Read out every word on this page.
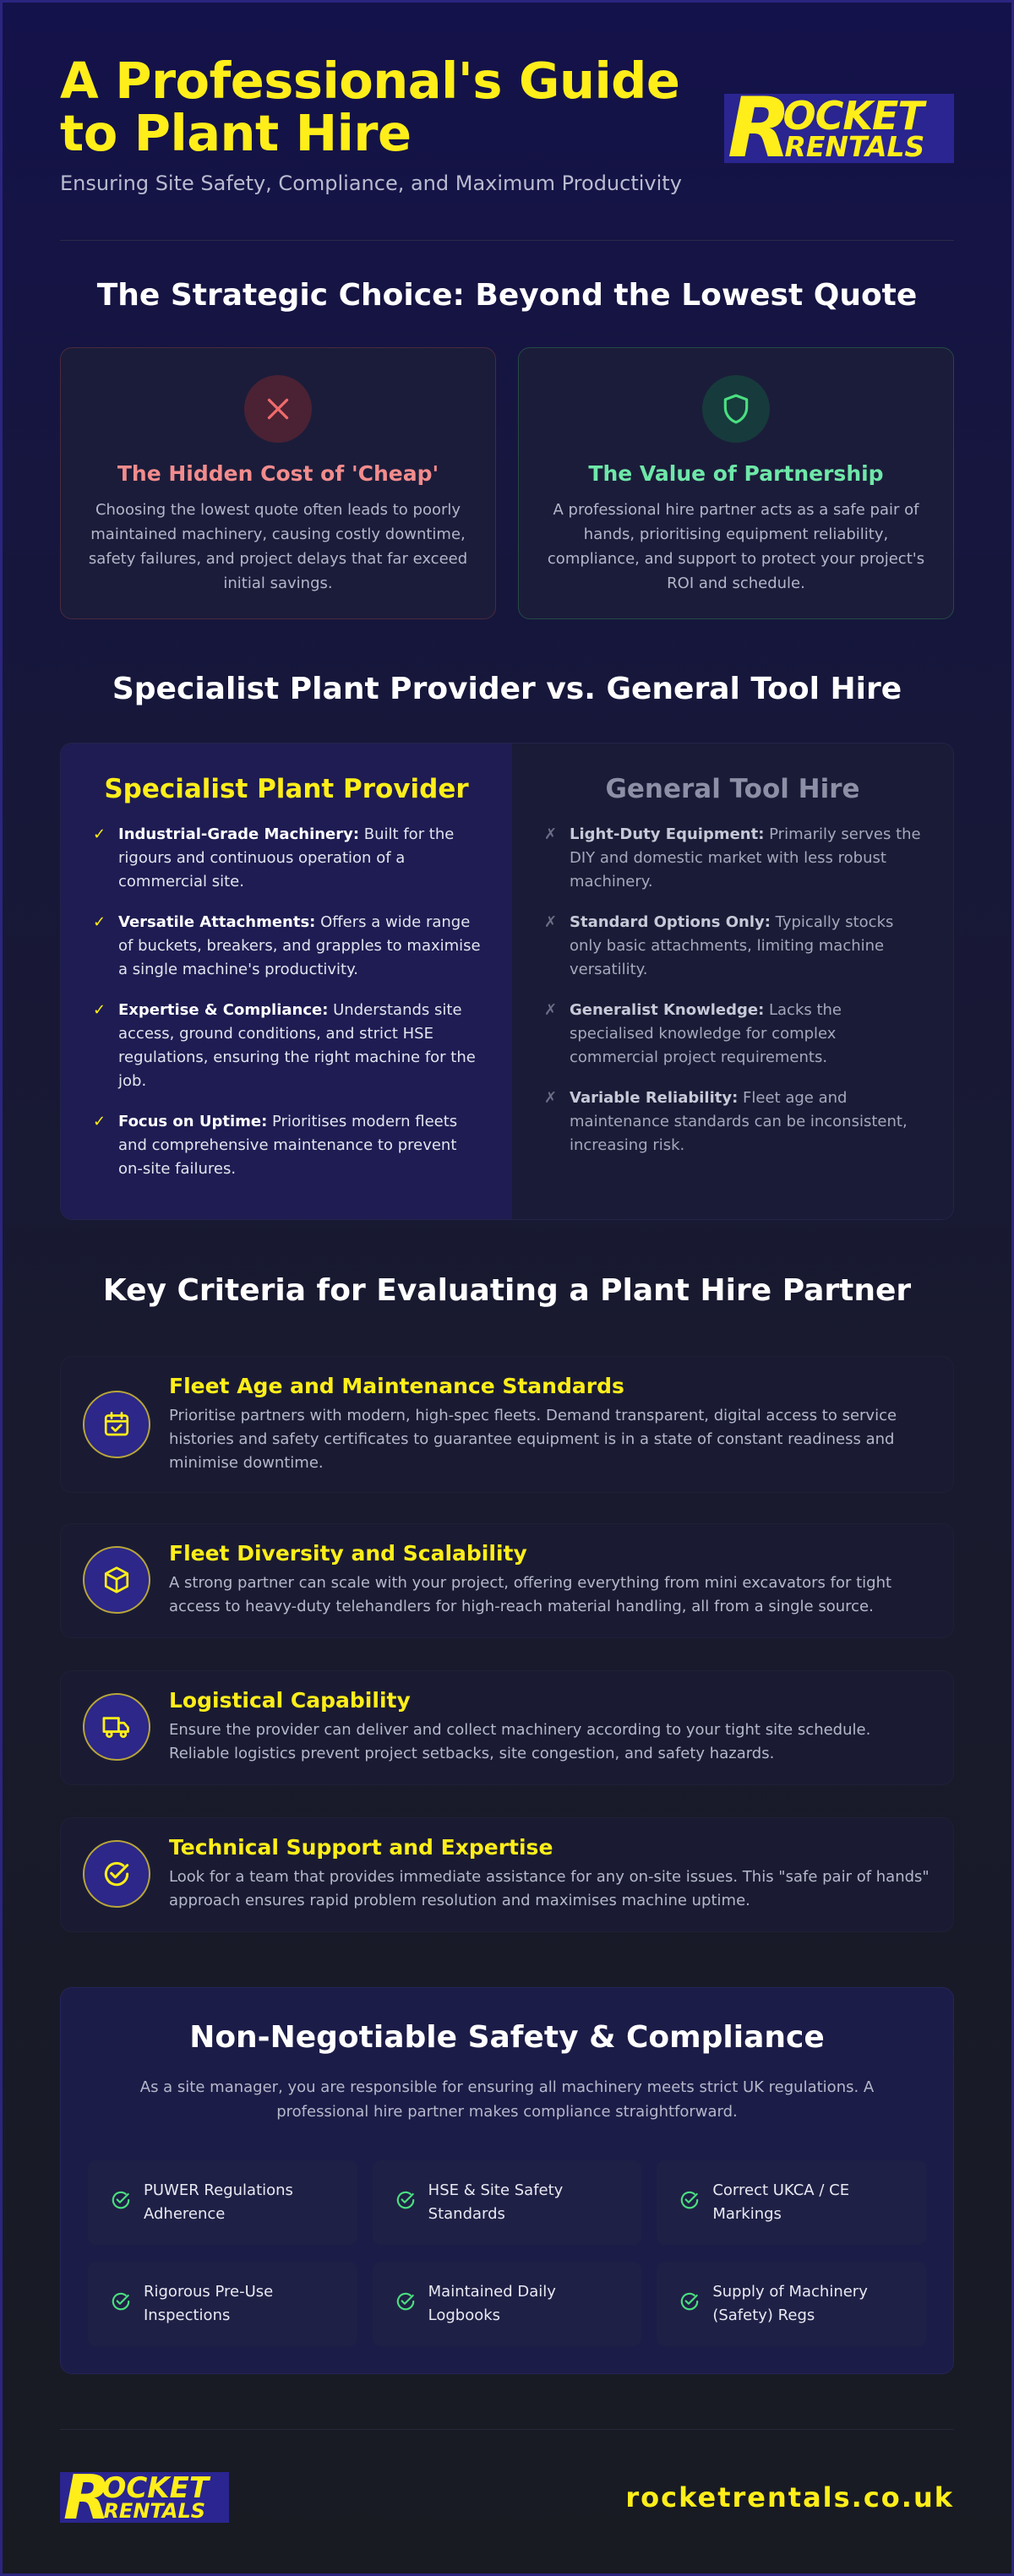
A Professional's Guide
to Plant Hire
Ensuring Site Safety, Compliance, and Maximum Productivity
R
OCKET
RENTALS
The Strategic Choice: Beyond the Lowest Quote
The Hidden Cost of 'Cheap'

Choosing the lowest quote often leads to poorly maintained machinery, causing costly downtime, safety failures, and project delays that far exceed initial savings.

The Value of Partnership

A professional hire partner acts as a safe pair of hands, prioritising equipment reliability, compliance, and support to protect your project's ROI and schedule.

Specialist Plant Provider vs. General Tool Hire
Specialist Plant Provider
✓ Industrial-Grade Machinery: Built for the rigours and continuous operation of a commercial site.
✓ Versatile Attachments: Offers a wide range of buckets, breakers, and grapples to maximise a single machine's productivity.
✓ Expertise & Compliance: Understands site access, ground conditions, and strict HSE regulations, ensuring the right machine for the job.
✓ Focus on Uptime: Prioritises modern fleets and comprehensive maintenance to prevent on-site failures.
General Tool Hire
✗ Light-Duty Equipment: Primarily serves the DIY and domestic market with less robust machinery.
✗ Standard Options Only: Typically stocks only basic attachments, limiting machine versatility.
✗ Generalist Knowledge: Lacks the specialised knowledge for complex commercial project requirements.
✗ Variable Reliability: Fleet age and maintenance standards can be inconsistent, increasing risk.
Key Criteria for Evaluating a Plant Hire Partner
Fleet Age and Maintenance Standards

Prioritise partners with modern, high-spec fleets. Demand transparent, digital access to service histories and safety certificates to guarantee equipment is in a state of constant readiness and minimise downtime.

Fleet Diversity and Scalability

A strong partner can scale with your project, offering everything from mini excavators for tight access to heavy-duty telehandlers for high-reach material handling, all from a single source.

Logistical Capability

Ensure the provider can deliver and collect machinery according to your tight site schedule. Reliable logistics prevent project setbacks, site congestion, and safety hazards.

Technical Support and Expertise

Look for a team that provides immediate assistance for any on-site issues. This "safe pair of hands" approach ensures rapid problem resolution and maximises machine uptime.

Non-Negotiable Safety & Compliance

As a site manager, you are responsible for ensuring all machinery meets strict UK regulations. A professional hire partner makes compliance straightforward.

PUWER Regulations Adherence
HSE & Site Safety Standards
Correct UKCA / CE Markings
Rigorous Pre-Use Inspections
Maintained Daily Logbooks
Supply of Machinery (Safety) Regs
R
OCKET
RENTALS	rocketrentals.co.uk
